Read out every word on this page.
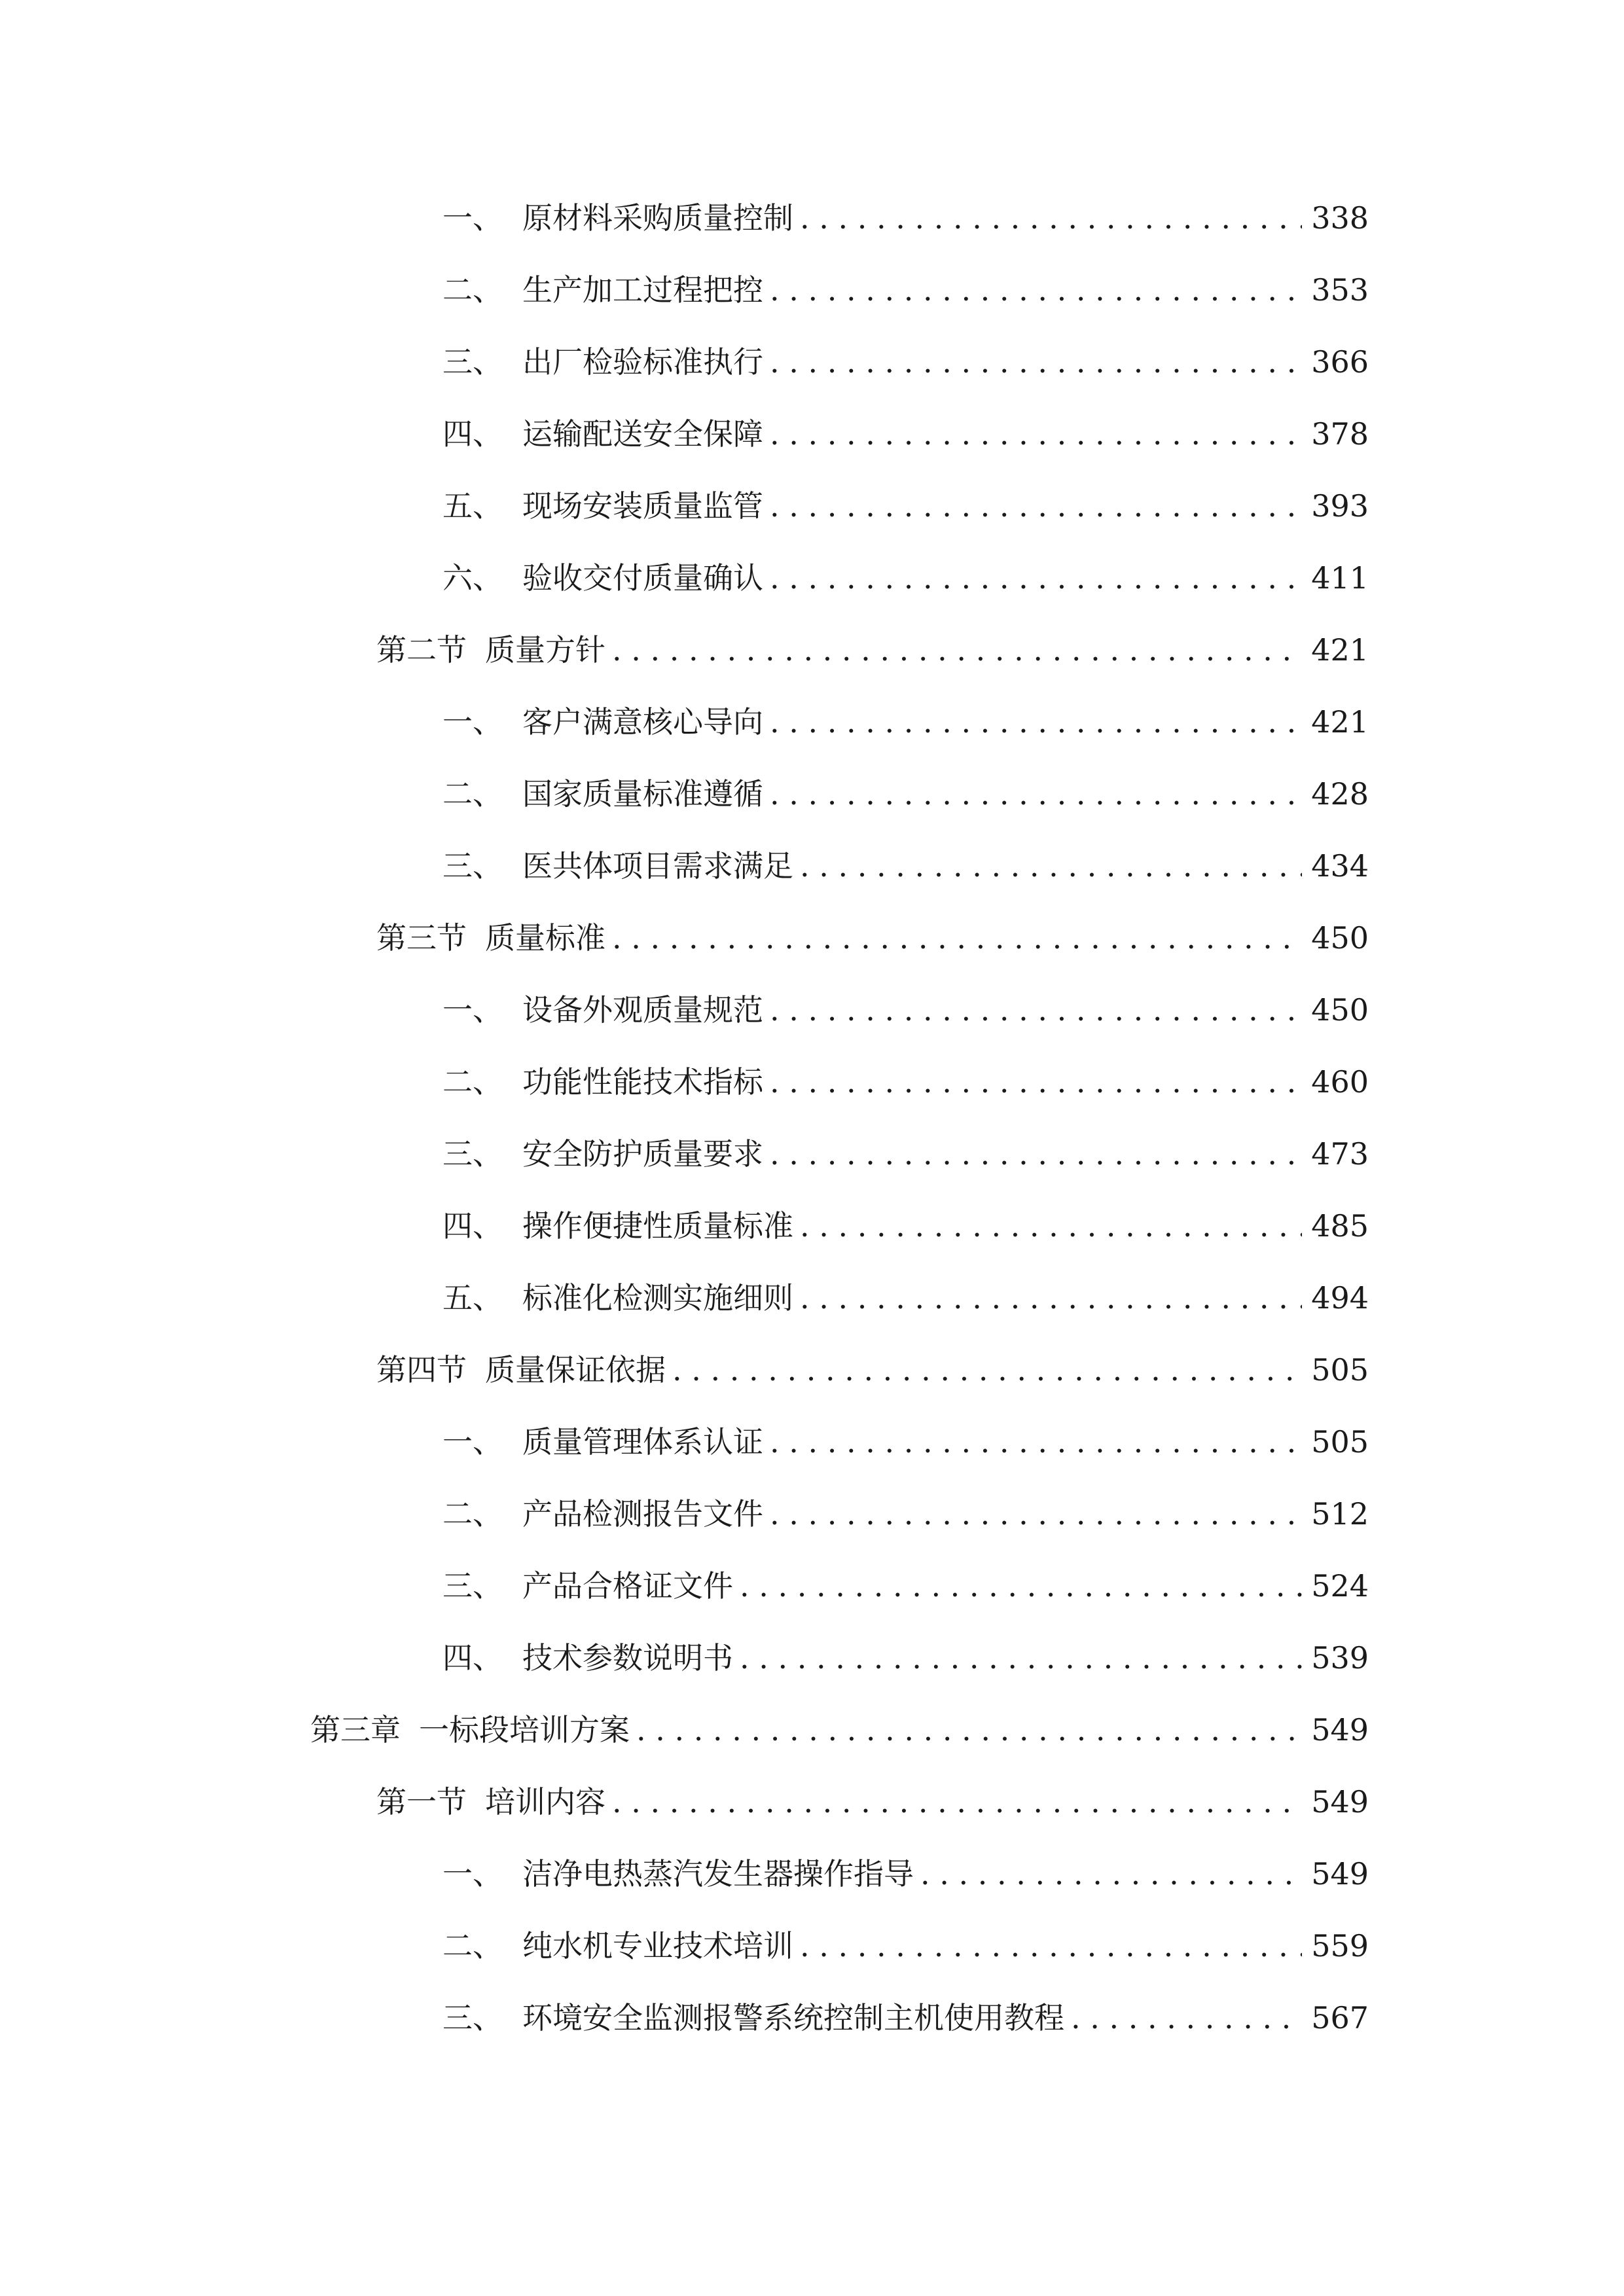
一、 原材料采购质量控制 . . .	338
二、 生产加工过程把控 . . .	353
三、 出厂检验标准执行 . . .	366
四、 运输配送安全保障 . . .	378
五、 现场安装质量监管 . . .	393
六、 验收交付质量确认 . . .	411
第二节 质量方针 . . .	421
一、 客户满意核心导向 . . .	421
二、 国家质量标准遵循 . . .	428
三、 医共体项目需求满足 . . .	434
第三节 质量标准 . . .	450
一、 设备外观质量规范 . . .	450
二、 功能性能技术指标 . . .	460
三、 安全防护质量要求 . . .	473
四、 操作便捷性质量标准 . . .	485
五、 标准化检测实施细则 . . .	494
第四节 质量保证依据 . . .	505
一、 质量管理体系认证 . . .	505
二、 产品检测报告文件 . . .	512
三、 产品合格证文件 . . .	524
四、 技术参数说明书 . . .	539
第三章 一标段培训方案 . . .	549
第一节 培训内容 . . .	549
一、 洁净电热蒸汽发生器操作指导 . . .	549
二、 纯水机专业技术培训 . . .	559
三、 环境安全监测报警系统控制主机使用教程 . . .	567
